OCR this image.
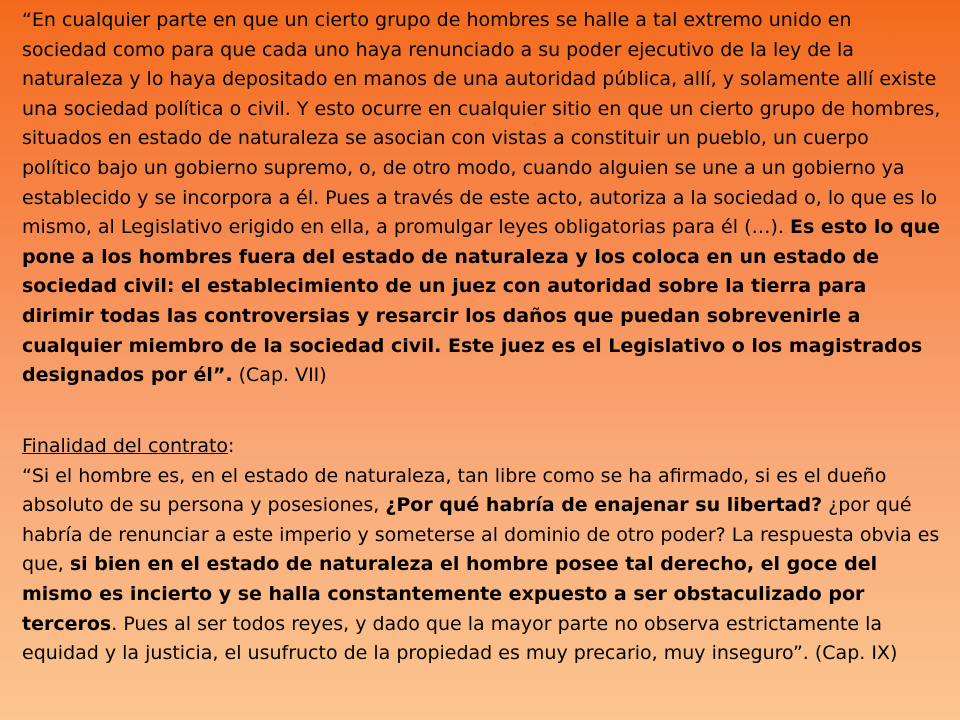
“En cualquier parte en que un cierto grupo de hombres se halle a tal extremo unido en sociedad como para que cada uno haya renunciado a su poder ejecutivo de la ley de la naturaleza y lo haya depositado en manos de una autoridad pública, allí, y solamente allí existe una sociedad política o civil. Y esto ocurre en cualquier sitio en que un cierto grupo de hombres, situados en estado de naturaleza se asocian con vistas a constituir un pueblo, un cuerpo político bajo un gobierno supremo, o, de otro modo, cuando alguien se une a un gobierno ya establecido y se incorpora a él. Pues a través de este acto, autoriza a la sociedad o, lo que es lo mismo, al Legislativo erigido en ella, a promulgar leyes obligatorias para él (…). Es esto lo que pone a los hombres fuera del estado de naturaleza y los coloca en un estado de sociedad civil: el establecimiento de un juez con autoridad sobre la tierra para dirimir todas las controversias y resarcir los daños que puedan sobrevenirle a cualquier miembro de la sociedad civil. Este juez es el Legislativo o los magistrados designados por él”. (Cap. VII)

Finalidad del contrato:
“Si el hombre es, en el estado de naturaleza, tan libre como se ha afirmado, si es el dueño absoluto de su persona y posesiones, ¿Por qué habría de enajenar su libertad? ¿por qué habría de renunciar a este imperio y someterse al dominio de otro poder? La respuesta obvia es que, si bien en el estado de naturaleza el hombre posee tal derecho, el goce del mismo es incierto y se halla constantemente expuesto a ser obstaculizado por terceros. Pues al ser todos reyes, y dado que la mayor parte no observa estrictamente la equidad y la justicia, el usufructo de la propiedad es muy precario, muy inseguro”. (Cap. IX)
